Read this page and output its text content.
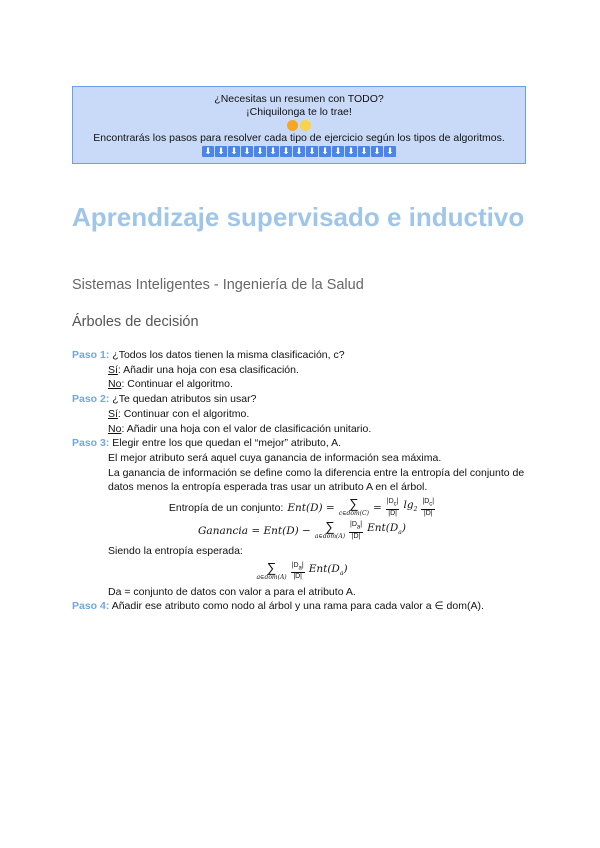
¿Necesitas un resumen con TODO?
¡Chiquilonga te lo trae!
Encontrarás los pasos para resolver cada tipo de ejercicio según los tipos de algoritmos.
⬇ ⬇ ⬇ ⬇ ⬇ ⬇ ⬇ ⬇ ⬇ ⬇ ⬇ ⬇ ⬇ ⬇ ⬇
Aprendizaje supervisado e inductivo
Sistemas Inteligentes - Ingeniería de la Salud
Árboles de decisión
Paso 1: ¿Todos los datos tienen la misma clasificación, c?
Sí: Añadir una hoja con esa clasificación.
No: Continuar el algoritmo.
Paso 2: ¿Te quedan atributos sin usar?
Sí: Continuar con el algoritmo.
No: Añadir una hoja con el valor de clasificación unitario.
Paso 3: Elegir entre los que quedan el “mejor” atributo, A.
El mejor atributo será aquel cuya ganancia de información sea máxima.
La ganancia de información se define como la diferencia entre la entropía del conjunto de datos menos la entropía esperada tras usar un atributo A en el árbol.
Entropía de un conjunto: Ent(D) = ∑
c∈dom(C) = $\frac{|D_c|}{|D|} \lg_2 \frac{|D_c|}{|D|}$
Ganancia = Ent(D) − ∑
a∈dom(A) $\frac{|D_a|}{|D|} Ent(D_a)$
Siendo la entropía esperada:
∑
a∈dom(A) $\frac{|D_a|}{|D|} Ent(D_a)$
Da = conjunto de datos con valor a para el atributo A.
Paso 4: Añadir ese atributo como nodo al árbol y una rama para cada valor a ∈ dom(A).
